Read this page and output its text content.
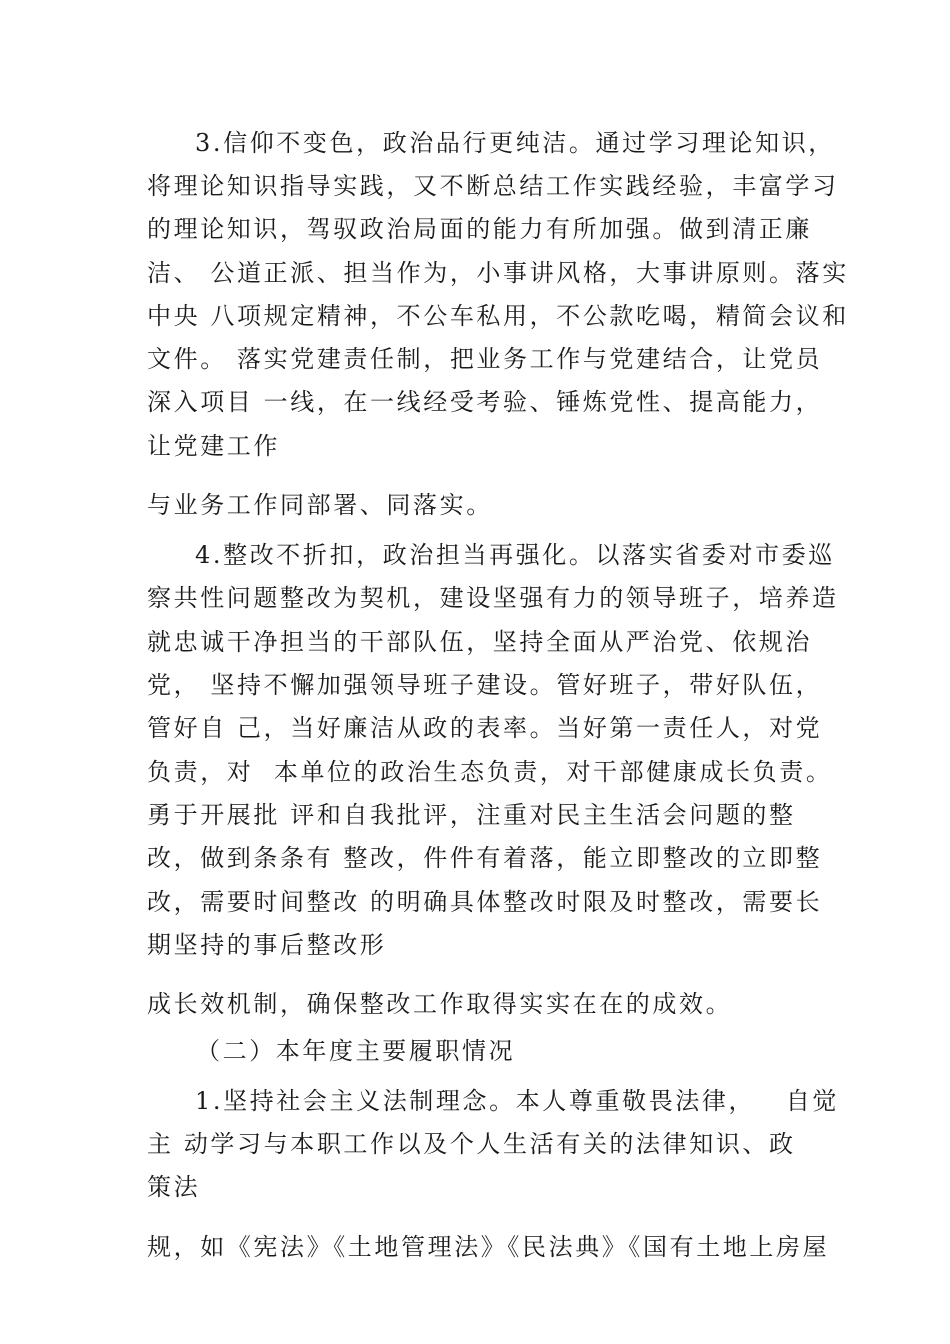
3.信仰不变色，政治品行更纯洁。通过学习理论知识，
将理论知识指导实践，又不断总结工作实践经验，丰富学习
的理论知识，驾驭政治局面的能力有所加强。做到清正廉
洁、 公道正派、担当作为，小事讲风格，大事讲原则。落实
中央 八项规定精神，不公车私用，不公款吃喝，精简会议和
文件。 落实党建责任制，把业务工作与党建结合，让党员
深入项目 一线，在一线经受考验、锤炼党性、提高能力，
让党建工作
与业务工作同部署、同落实。
4.整改不折扣，政治担当再强化。以落实省委对市委巡
察共性问题整改为契机，建设坚强有力的领导班子，培养造
就忠诚干净担当的干部队伍，坚持全面从严治党、依规治
党， 坚持不懈加强领导班子建设。管好班子，带好队伍，
管好自 己，当好廉洁从政的表率。当好第一责任人，对党
负责，对  本单位的政治生态负责，对干部健康成长负责。
勇于开展批 评和自我批评，注重对民主生活会问题的整
改，做到条条有 整改，件件有着落，能立即整改的立即整
改，需要时间整改 的明确具体整改时限及时整改，需要长
期坚持的事后整改形
成长效机制，确保整改工作取得实实在在的成效。
（二）本年度主要履职情况
1.坚持社会主义法制理念。本人尊重敬畏法律，   自觉
主 动学习与本职工作以及个人生活有关的法律知识、政
策法
规，如《宪法》《土地管理法》《民法典》《国有土地上房屋
